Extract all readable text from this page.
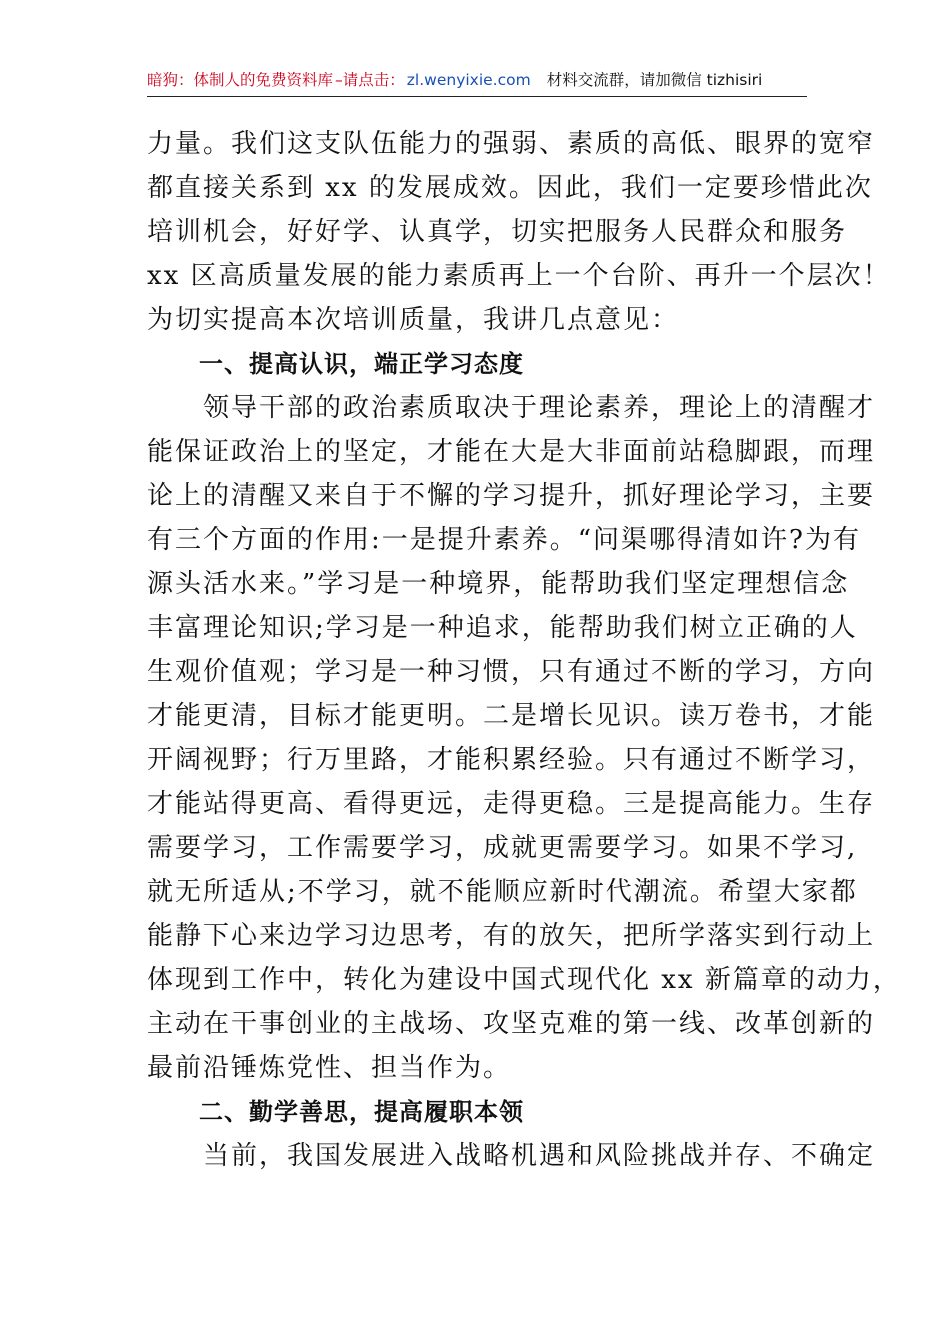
暗狗：体制人的免费资料库 –请点击： zl.wenyixie.com 材料交流群，请加微信 tizhisiri
力量。我们这支队伍能力的强弱、素质的高低、眼界的宽窄
都直接关系到 xx 的发展成效。因此，我们一定要珍惜此次
培训机会，好好学、认真学，切实把服务人民群众和服务
xx 区高质量发展的能力素质再上一个台阶、再升一个层次！
为切实提高本次培训质量，我讲几点意见：
一、提高认识，端正学习态度
领导干部的政治素质取决于理论素养，理论上的清醒才
能保证政治上的坚定，才能在大是大非面前站稳脚跟，而理
论上的清醒又来自于不懈的学习提升，抓好理论学习，主要
有三个方面的作用:一是提升素养。“问渠哪得清如许?为有
源头活水来。”学习是一种境界，能帮助我们坚定理想信念
丰富理论知识;学习是一种追求，能帮助我们树立正确的人
生观价值观；学习是一种习惯，只有通过不断的学习，方向
才能更清，目标才能更明。二是增长见识。读万卷书，才能
开阔视野；行万里路，才能积累经验。只有通过不断学习，
才能站得更高、看得更远，走得更稳。三是提高能力。生存
需要学习，工作需要学习，成就更需要学习。如果不学习,
就无所适从;不学习，就不能顺应新时代潮流。希望大家都
能静下心来边学习边思考，有的放矢，把所学落实到行动上
体现到工作中，转化为建设中国式现代化 xx 新篇章的动力，
主动在干事创业的主战场、攻坚克难的第一线、改革创新的
最前沿锤炼党性、担当作为。
二、勤学善思，提高履职本领
当前，我国发展进入战略机遇和风险挑战并存、不确定
